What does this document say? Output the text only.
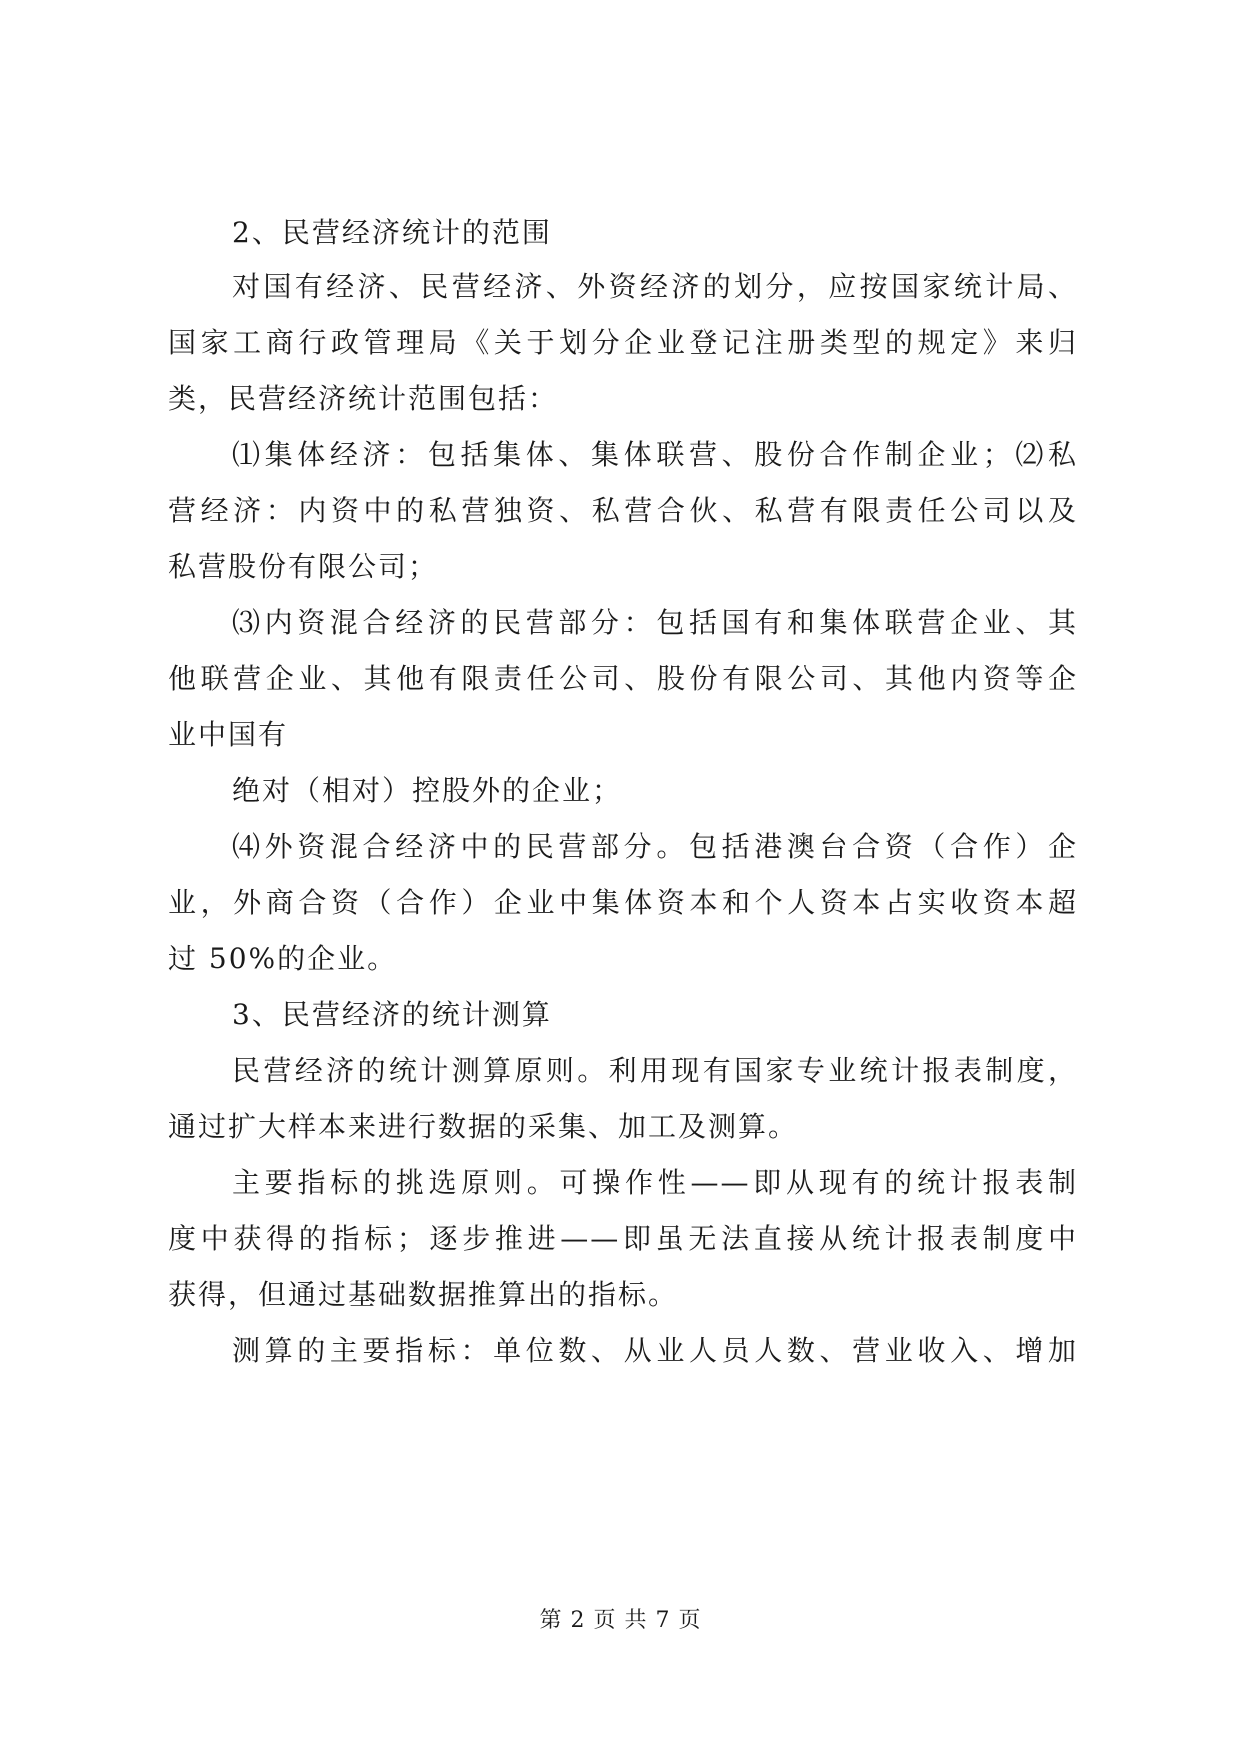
2、民营经济统计的范围
对国有经济、民营经济、外资经济的划分，应按国家统计局、
国家工商行政管理局《关于划分企业登记注册类型的规定》来归
类，民营经济统计范围包括：
⑴集体经济：包括集体、集体联营、股份合作制企业；⑵私
营经济：内资中的私营独资、私营合伙、私营有限责任公司以及
私营股份有限公司；
⑶内资混合经济的民营部分：包括国有和集体联营企业、其
他联营企业、其他有限责任公司、股份有限公司、其他内资等企
业中国有
绝对（相对）控股外的企业；
⑷外资混合经济中的民营部分。包括港澳台合资（合作）企
业，外商合资（合作）企业中集体资本和个人资本占实收资本超
过 50%的企业。
3、民营经济的统计测算
民营经济的统计测算原则。利用现有国家专业统计报表制度，
通过扩大样本来进行数据的采集、加工及测算。
主要指标的挑选原则。可操作性——即从现有的统计报表制
度中获得的指标；逐步推进——即虽无法直接从统计报表制度中
获得，但通过基础数据推算出的指标。
测算的主要指标：单位数、从业人员人数、营业收入、增加
第 2 页 共 7 页
